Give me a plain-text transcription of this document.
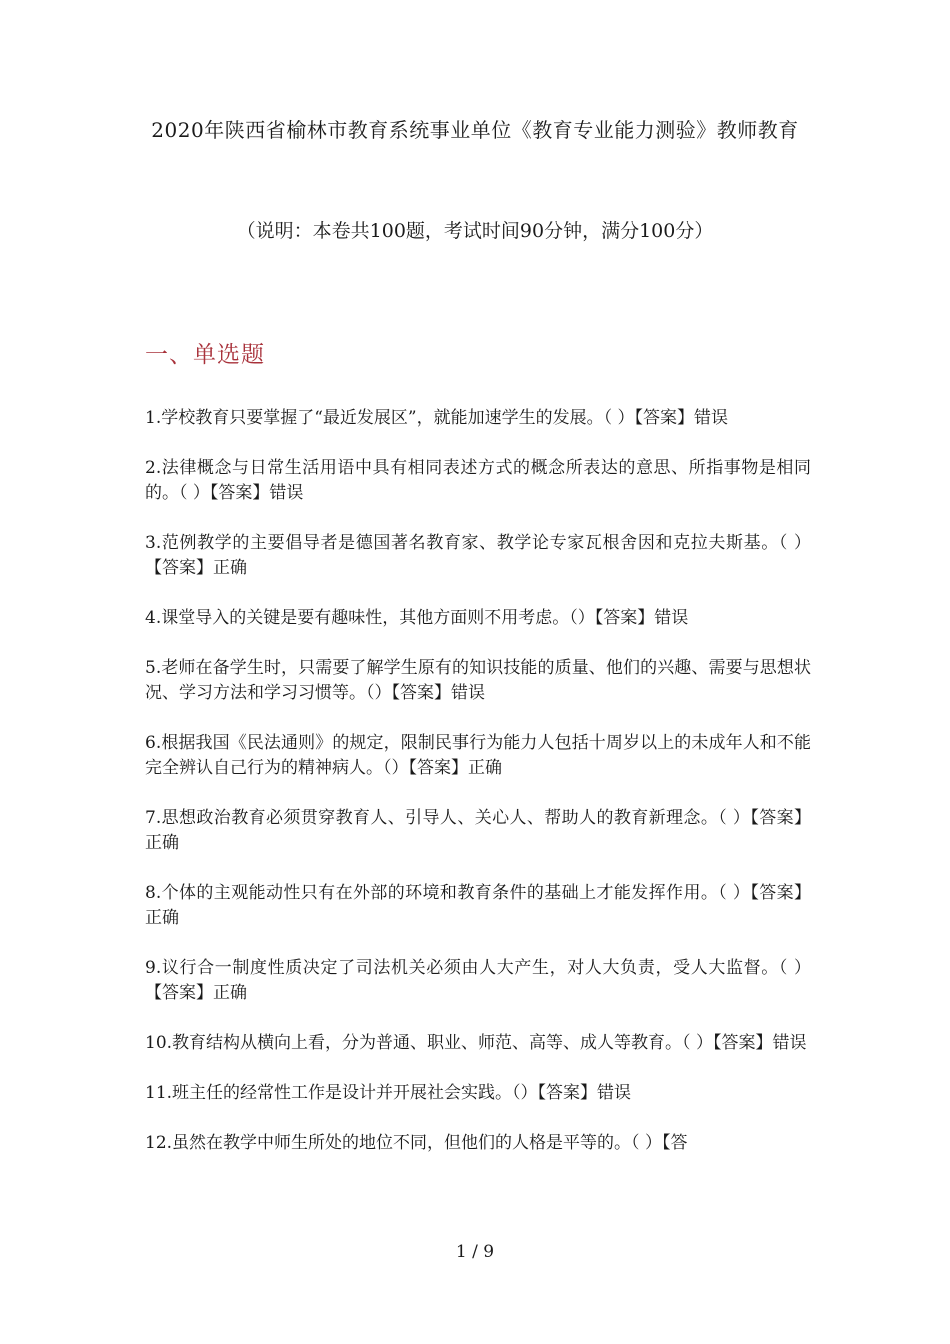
2020年陕西省榆林市教育系统事业单位《教育专业能力测验》教师教育
（说明：本卷共100题，考试时间90分钟，满分100分）
一、单选题

1.学校教育只要掌握了“最近发展区”，就能加速学生的发展。（ ）【答案】错误

2.法律概念与日常生活用语中具有相同表述方式的概念所表达的意思、所指事物是相同的。（ ）【答案】错误

3.范例教学的主要倡导者是德国著名教育家、教学论专家瓦根舍因和克拉夫斯基。（ ）【答案】正确

4.课堂导入的关键是要有趣味性，其他方面则不用考虑。（）【答案】错误

5.老师在备学生时，只需要了解学生原有的知识技能的质量、他们的兴趣、需要与思想状况、学习方法和学习习惯等。（）【答案】错误

6.根据我国《民法通则》的规定，限制民事行为能力人包括十周岁以上的未成年人和不能完全辨认自己行为的精神病人。（）【答案】正确

7.思想政治教育必须贯穿教育人、引导人、关心人、帮助人的教育新理念。（ ）【答案】正确

8.个体的主观能动性只有在外部的环境和教育条件的基础上才能发挥作用。（ ）【答案】正确

9.议行合一制度性质决定了司法机关必须由人大产生，对人大负责，受人大监督。（ ）【答案】正确

10.教育结构从横向上看，分为普通、职业、师范、高等、成人等教育。（ ）【答案】错误

11.班主任的经常性工作是设计并开展社会实践。（）【答案】错误

12.虽然在教学中师生所处的地位不同，但他们的人格是平等的。（ ）【答

1 / 9
